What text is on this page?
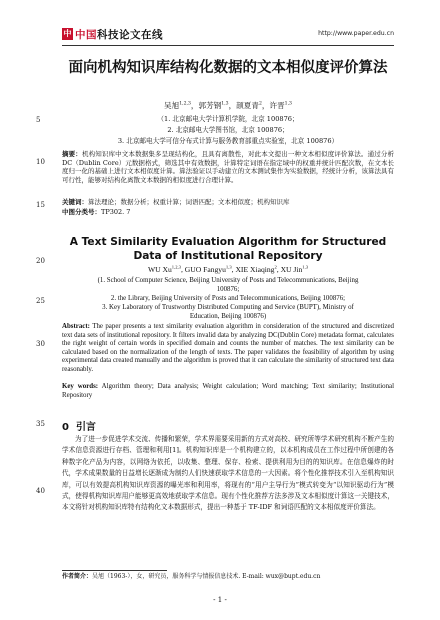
中 中国科技论文在线	http://www.paper.edu.cn
面向机构知识库结构化数据的文本相似度评价算法
吴旭$^{1,2,3}$，郭芳钢$^{1,3}$，颉夏青$^2$，许晋$^{1,3}$
（1. 北京邮电大学计算机学院，北京 100876；
2. 北京邮电大学图书馆，北京 100876；
3. 北京邮电大学可信分布式计算与服务教育部重点实验室，北京 100876）
5
10
15
20
25
30
35
40
摘要：机构知识库中文本数据集多呈现结构化，且具有离散性，对此本文提出一种文本相似度评价算法。通过分析 DC（Dublin Core）元数据格式，筛选其中有效数据，计算特定词语在指定域中的权重并统计匹配次数，在文本长度归一化的基础上进行文本相似度计算。算法验证以手动建立的文本测试集作为实验数据，经统计分析，该算法具有可行性，能够对结构化离散文本数据的相似度进行合理计算。
关键词：算法理论；数据分析；权重计算；词语匹配；文本相似度；机构知识库
中图分类号：TP302. 7
A Text Similarity Evaluation Algorithm for Structured Data of Institutional Repository
WU Xu$^{1,2,3}$, GUO Fangyu$^{1,3}$, XIE Xiaqing$^2$, XU Jin$^{1,3}$
(1. School of Computer Science, Beijing University of Posts and Telecommunications, Beijing
100876;
2. the Library, Beijing University of Posts and Telecommunications, Beijing 100876;
3. Key Laboratory of Trustworthy Distributed Computing and Service (BUPT), Ministry of
Education, Beijing 100876)
Abstract: The paper presents a text similarity evaluation algorithm in consideration of the structured and discretized text data sets of institutional repository. It filters invalid data by analyzing DC(Dublin Core) metadata format, calculates the right weight of certain words in specified domain and counts the number of matches. The text similarity can be calculated based on the normalization of the length of texts. The paper validates the feasibility of algorithm by using experimental data created manually and the algorithm is proved that it can calculate the similarity of structured text data reasonably.
Key words: Algorithm theory; Data analysis; Weight calculation; Word matching; Text similarity; Institutional Repository
0 引言
为了进一步促进学术交流、传播和繁荣，学术界需要采用新的方式对高校、研究所等学术研究机构不断产生的学术信息资源进行存档、管理和利用[1]。机构知识库是一个机构建立的，以本机构成员在工作过程中所创建的各种数字化产品为内容，以网络为依托，以收集、整理、保存、检索、提供利用为目的的知识库。在信息爆炸的时代，学术成果数量的日益增长逐渐成为制约人们快速获取学术信息的一大因素。将个性化推荐技术引入至机构知识库，可以有效提高机构知识库资源的曝光率和利用率，将现有的“用户主导行为”模式转变为“以知识驱动行为”模式，使得机构知识库用户能够更高效地获取学术信息。现有个性化推荐方法多涉及文本相似度计算这一关键技术，本文将针对机构知识库特有结构化文本数据形式，提出一种基于 TF-IDF 和词语匹配的文本相似度评价算法。
作者简介：吴旭（1963-），女，研究员，服务科学与情报信息技术. E-mail: wux@bupt.edu.cn
- 1 -
